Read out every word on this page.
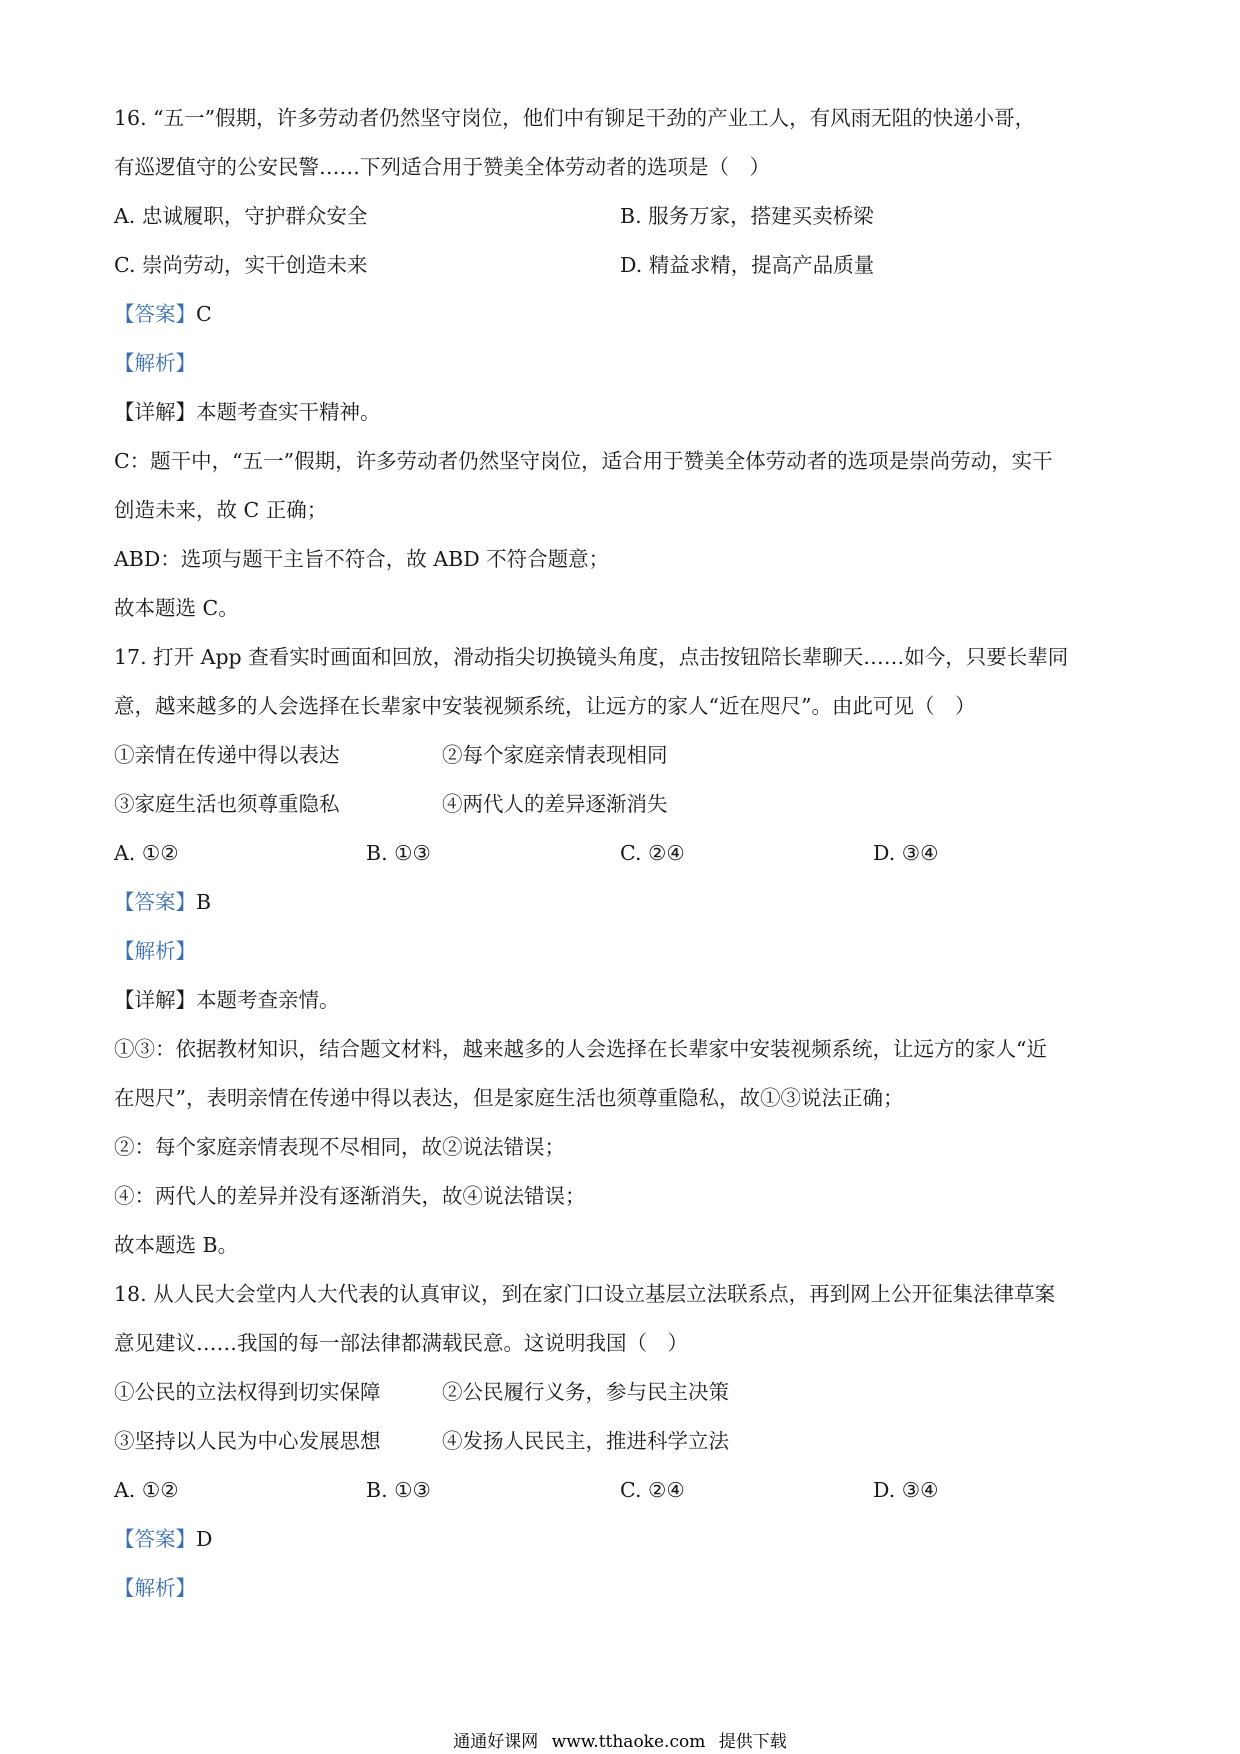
16. “五一”假期，许多劳动者仍然坚守岗位，他们中有铆足干劲的产业工人，有风雨无阻的快递小哥，
有巡逻值守的公安民警……下列适合用于赞美全体劳动者的选项是（　）
A. 忠诚履职，守护群众安全	B. 服务万家，搭建买卖桥梁
C. 崇尚劳动，实干创造未来	D. 精益求精，提高产品质量
【答案】C
【解析】
【详解】本题考查实干精神。
C：题干中，“五一”假期，许多劳动者仍然坚守岗位，适合用于赞美全体劳动者的选项是崇尚劳动，实干
创造未来，故 C 正确；
ABD：选项与题干主旨不符合，故 ABD 不符合题意；
故本题选 C。
17. 打开 App 查看实时画面和回放，滑动指尖切换镜头角度，点击按钮陪长辈聊天……如今，只要长辈同
意，越来越多的人会选择在长辈家中安装视频系统，让远方的家人“近在咫尺”。由此可见（　）
①亲情在传递中得以表达	②每个家庭亲情表现相同
③家庭生活也须尊重隐私	④两代人的差异逐渐消失
A. ①②	B. ①③	C. ②④	D. ③④
【答案】B
【解析】
【详解】本题考查亲情。
①③：依据教材知识，结合题文材料，越来越多的人会选择在长辈家中安装视频系统，让远方的家人“近
在咫尺”，表明亲情在传递中得以表达，但是家庭生活也须尊重隐私，故①③说法正确；
②：每个家庭亲情表现不尽相同，故②说法错误；
④：两代人的差异并没有逐渐消失，故④说法错误；
故本题选 B。
18. 从人民大会堂内人大代表的认真审议，到在家门口设立基层立法联系点，再到网上公开征集法律草案
意见建议……我国的每一部法律都满载民意。这说明我国（　）
①公民的立法权得到切实保障	②公民履行义务，参与民主决策
③坚持以人民为中心发展思想	④发扬人民民主，推进科学立法
A. ①②	B. ①③	C. ②④	D. ③④
【答案】D
【解析】
通通好课网 www.tthaoke.com 提供下载
